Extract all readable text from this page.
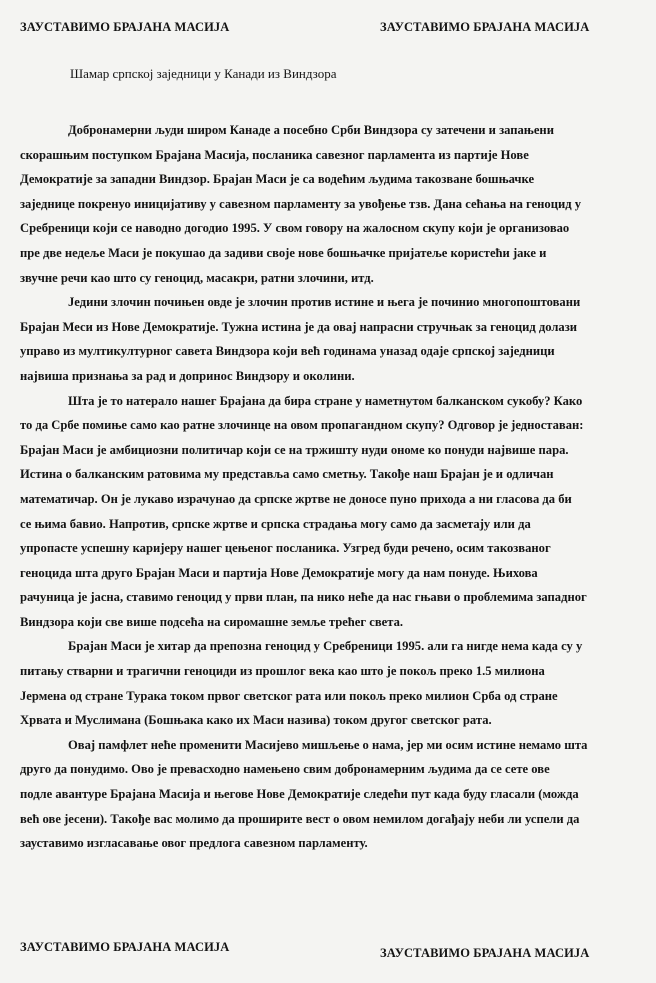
ЗАУСТАВИМО БРАЈАНА МАСИЈА	ЗАУСТАВИМО БРАЈАНА МАСИЈА
Шамар српској заједници у Канади из Виндзора
Добронамерни људи широм Канаде а посебно Срби Виндзора су затечени и запањени
скорашњим поступком Брајана Масија, посланика савезног парламента из партије Нове
Демократије за западни Виндзор. Брајан Маси је са водећим људима такозване бошњачке
заједнице покренуо иницијативу у савезном парламенту за увођење тзв. Дана сећања на геноцид у
Сребреници који се наводно догодио 1995. У свом говору на жалосном скупу који је организовао
пре две недеље Маси је покушао да задиви своје нове бошњачке пријатеље користећи јаке и
звучне речи као што су геноцид, масакри, ратни злочини, итд.
Једини злочин почињен овде је злочин против истине и њега је починио многопоштовани
Брајан Меси из Нове Демократије. Тужна истина је да овај напрасни стручњак за геноцид долази
управо из мултикултурног савета Виндзора који већ годинама уназад одаје српској заједници
највиша признања за рад и допринос Виндзору и околини.
Шта је то натерало нашег Брајана да бира стране у наметнутом балканском сукобу? Како
то да Србе помиње само као ратне злочинце на овом пропагандном скупу? Одговор је једноставан:
Брајан Маси је амбициозни политичар који се на тржишту нуди ономе ко понуди највише пара.
Истина о балканским ратовима му представља само сметњу. Такође наш Брајан је и одличан
математичар. Он је лукаво израчунао да српске жртве не доносе пуно прихода а ни гласова да би
се њима бавио. Напротив, српске жртве и српска страдања могу само да засметају или да
упропасте успешну каријеру нашег цењеног посланика. Узгред буди речено, осим такозваног
геноцида шта друго Брајан Маси и партија Нове Демократије могу да нам понуде. Њихова
рачуница је јасна, ставимо геноцид у први план, па нико неће да нас гњави о проблемима западног
Виндзора који све више подсећа на сиромашне земље трећег света.
Брајан Маси је хитар да препозна геноцид у Сребреници 1995. али га нигде нема када су у
питању стварни и трагични геноциди из прошлог века као што је покољ преко 1.5 милиона
Јермена од стране Турака током првог светског рата или покољ преко милион Срба од стране
Хрвата и Муслимана (Бошњака како их Маси назива) током другог светског рата.
Овај памфлет неће променити Масијево мишљење о нама, јер ми осим истине немамо шта
друго да понудимо. Ово је превасходно намењено свим добронамерним људима да се сете ове
подле авантуре Брајана Масија и његове Нове Демократије следећи пут када буду гласали (можда
већ ове јесени). Такође вас молимо да проширите вест о овом немилом догађају неби ли успели да
зауставимо изгласавање овог предлога савезном парламенту.
ЗАУСТАВИМО БРАЈАНА МАСИЈА	ЗАУСТАВИМО БРАЈАНА МАСИЈА
